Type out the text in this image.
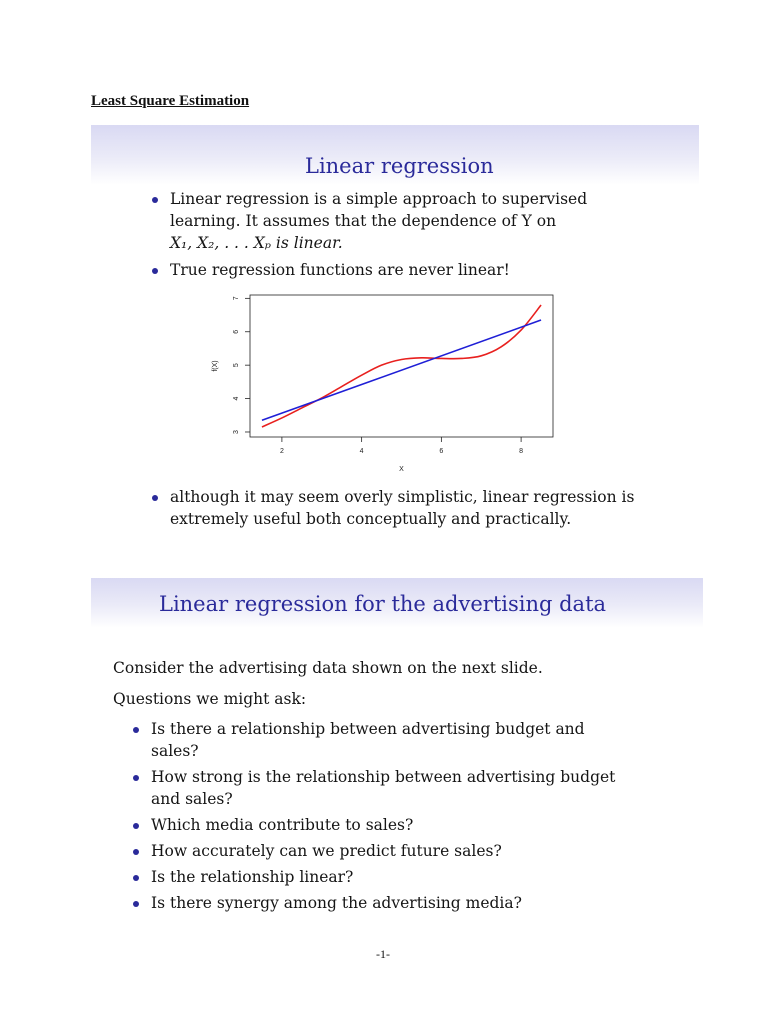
Least Square Estimation
Linear regression
Linear regression is a simple approach to supervised
learning. It assumes that the dependence of Y on
X₁, X₂, . . . Xₚ is linear.
True regression functions are never linear!
2	4	6	8
3
4
5
6
7
X
f(X)
although it may seem overly simplistic, linear regression is
extremely useful both conceptually and practically.
Linear regression for the advertising data
Consider the advertising data shown on the next slide.
Questions we might ask:
Is there a relationship between advertising budget and
sales?
How strong is the relationship between advertising budget
and sales?
Which media contribute to sales?
How accurately can we predict future sales?
Is the relationship linear?
Is there synergy among the advertising media?
-1-
